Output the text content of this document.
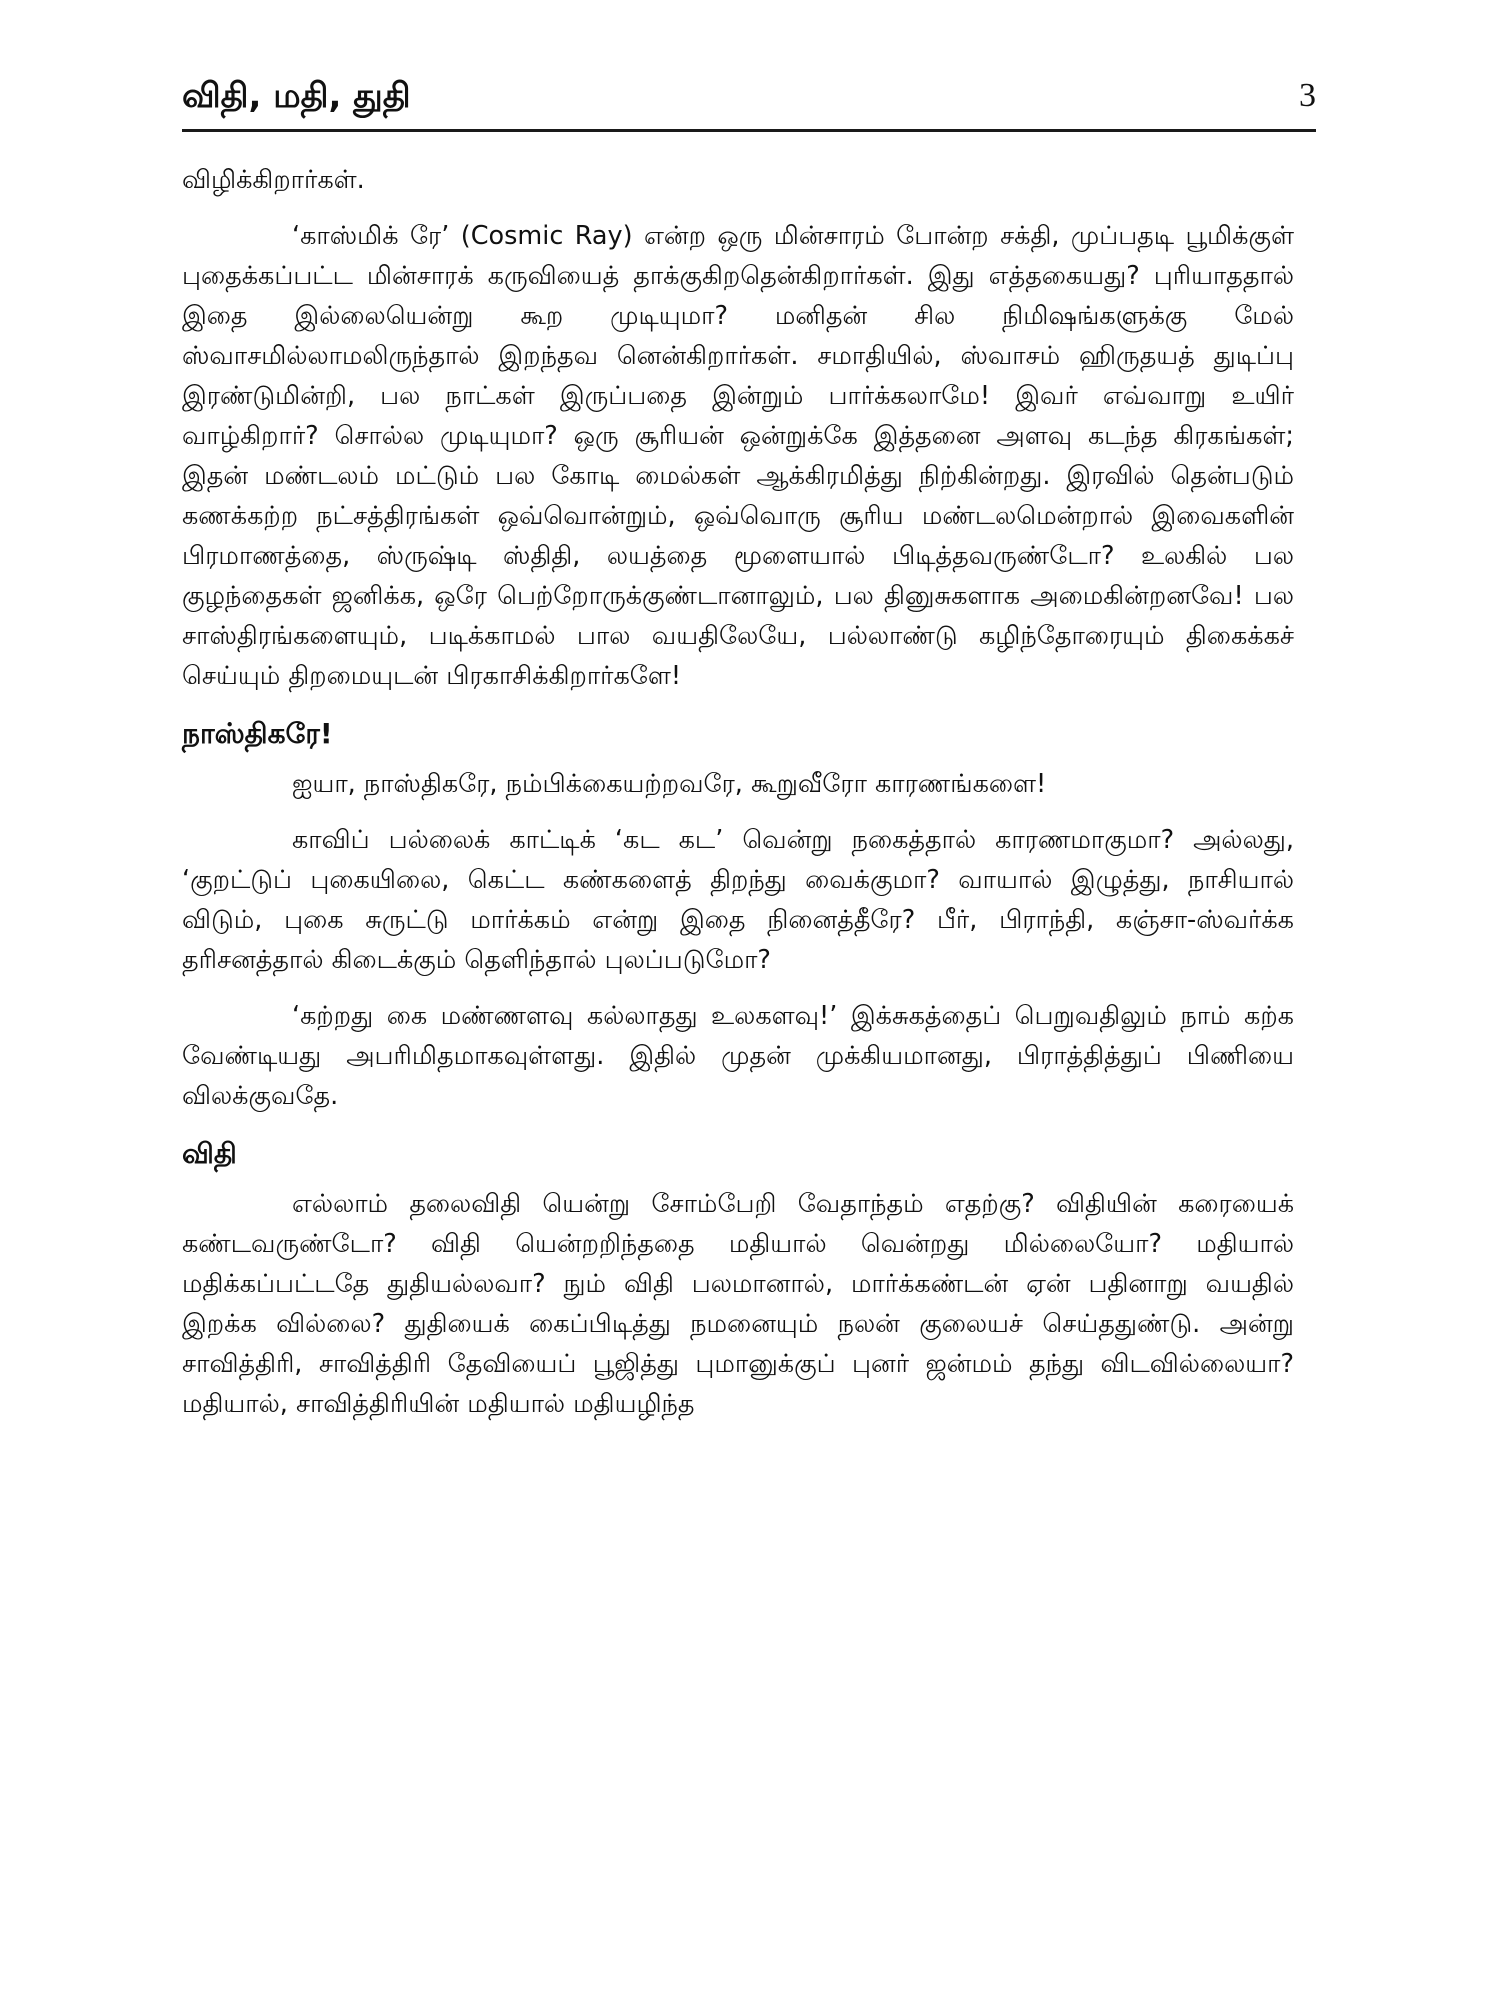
விதி, மதி, துதி	3

விழிக்கிறார்கள்.

‘காஸ்மிக் ரே’ (Cosmic Ray) என்ற ஒரு மின்சாரம் போன்ற சக்தி, முப்பதடி பூமிக்குள் புதைக்கப்பட்ட மின்சாரக் கருவியைத் தாக்குகிறதென்கிறார்கள். இது எத்தகையது? புரியாததால் இதை இல்லையென்று கூற முடியுமா? மனிதன் சில நிமிஷங்களுக்கு மேல் ஸ்வாசமில்லாமலிருந்தால் இறந்தவ னென்கிறார்கள். சமாதியில், ஸ்வாசம் ஹிருதயத் துடிப்பு இரண்டுமின்றி, பல நாட்கள் இருப்பதை இன்றும் பார்க்கலாமே! இவர் எவ்வாறு உயிர் வாழ்கிறார்? சொல்ல முடியுமா? ஒரு சூரியன் ஒன்றுக்கே இத்தனை அளவு கடந்த கிரகங்கள்; இதன் மண்டலம் மட்டும் பல கோடி மைல்கள் ஆக்கிரமித்து நிற்கின்றது. இரவில் தென்படும் கணக்கற்ற நட்சத்திரங்கள் ஒவ்வொன்றும், ஒவ்வொரு சூரிய மண்டலமென்றால் இவைகளின் பிரமாணத்தை, ஸ்ருஷ்டி ஸ்திதி, லயத்தை மூளையால் பிடித்தவருண்டோ? உலகில் பல குழந்தைகள் ஜனிக்க, ஒரே பெற்றோருக்குண்டானாலும், பல தினுசுகளாக அமைகின்றனவே! பல சாஸ்திரங்களையும், படிக்காமல் பால வயதிலேயே, பல்லாண்டு கழிந்தோரையும் திகைக்கச் செய்யும் திறமையுடன் பிரகாசிக்கிறார்களே!

நாஸ்திகரே!

ஐயா, நாஸ்திகரே, நம்பிக்கையற்றவரே, கூறுவீரோ காரணங்களை!

காவிப் பல்லைக் காட்டிக் ‘கட கட’ வென்று நகைத்தால் காரணமாகுமா? அல்லது, ‘குறட்டுப் புகையிலை, கெட்ட கண்களைத் திறந்து வைக்குமா? வாயால் இழுத்து, நாசியால் விடும், புகை சுருட்டு மார்க்கம் என்று இதை நினைத்தீரே? பீர், பிராந்தி, கஞ்சா-ஸ்வர்க்க தரிசனத்தால் கிடைக்கும் தெளிந்தால் புலப்படுமோ?

‘கற்றது கை மண்ணளவு கல்லாதது உலகளவு!’ இக்சுகத்தைப் பெறுவதிலும் நாம் கற்க வேண்டியது அபரிமிதமாகவுள்ளது. இதில் முதன் முக்கியமானது, பிராத்தித்துப் பிணியை விலக்குவதே.

விதி

எல்லாம் தலைவிதி யென்று சோம்பேறி வேதாந்தம் எதற்கு? விதியின் கரையைக் கண்டவருண்டோ? விதி யென்றறிந்ததை மதியால் வென்றது மில்லையோ? மதியால் மதிக்கப்பட்டதே துதியல்லவா? நும் விதி பலமானால், மார்க்கண்டன் ஏன் பதினாறு வயதில் இறக்க வில்லை? துதியைக் கைப்பிடித்து நமனையும் நலன் குலையச் செய்ததுண்டு. அன்று சாவித்திரி, சாவித்திரி தேவியைப் பூஜித்து புமானுக்குப் புனர் ஜன்மம் தந்து விடவில்லையா? மதியால், சாவித்திரியின் மதியால் மதியழிந்த
